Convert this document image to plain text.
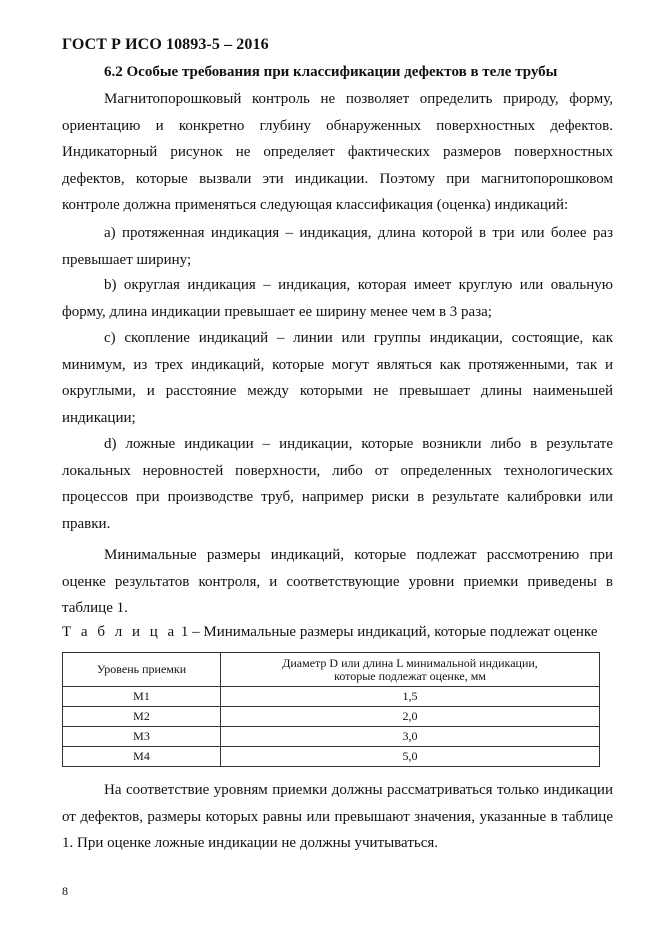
ГОСТ Р ИСО 10893-5 – 2016
6.2 Особые требования при классификации дефектов в теле трубы

Магнитопорошковый контроль не позволяет определить природу, форму, ориентацию и конкретно глубину обнаруженных поверхностных дефектов. Индикаторный рисунок не определяет фактических размеров поверхностных дефектов, которые вызвали эти индикации. Поэтому при магнитопорошковом контроле должна применяться следующая классификация (оценка) индикаций:

a) протяженная индикация – индикация, длина которой в три или более раз превышает ширину;

b) округлая индикация – индикация, которая имеет круглую или овальную форму, длина индикации превышает ее ширину менее чем в 3 раза;

c) скопление индикаций – линии или группы индикации, состоящие, как минимум, из трех индикаций, которые могут являться как протяженными, так и округлыми, и расстояние между которыми не превышает длины наименьшей индикации;

d) ложные индикации – индикации, которые возникли либо в результате локальных неровностей поверхности, либо от определенных технологических процессов при производстве труб, например риски в результате калибровки или правки.

Минимальные размеры индикаций, которые подлежат рассмотрению при оценке результатов контроля, и соответствующие уровни приемки приведены в таблице 1.

Т а б л и ц а 1 – Минимальные размеры индикаций, которые подлежат оценке
Уровень приемки	Диаметр D или длина L минимальной индикации,
которые подлежат оценке, мм
M1	1,5
M2	2,0
M3	3,0
M4	5,0

На соответствие уровням приемки должны рассматриваться только индикации от дефектов, размеры которых равны или превышают значения, указанные в таблице 1. При оценке ложные индикации не должны учитываться.

8
